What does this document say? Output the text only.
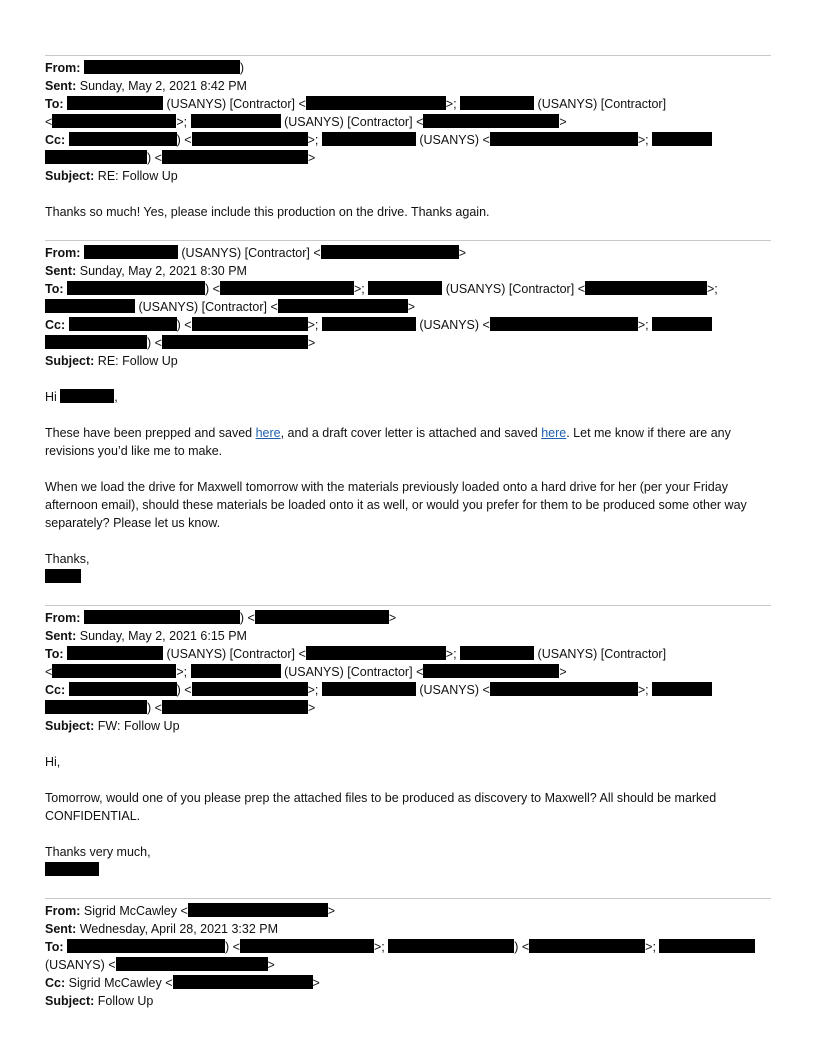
From:	)
Sent: Sunday, May 2, 2021 8:42 PM
To:	(USANYS) [Contractor] <	>;	(USANYS) [Contractor]
<	>;	(USANYS) [Contractor] <	>
Cc:	) <	>;	(USANYS) <	>;
) <	>
Subject: RE: Follow Up
Thanks so much! Yes, please include this production on the drive. Thanks again.
From:	(USANYS) [Contractor] <	>
Sent: Sunday, May 2, 2021 8:30 PM
To:	) <	>;	(USANYS) [Contractor] <	>;
(USANYS) [Contractor] <	>
Cc:	) <	>;	(USANYS) <	>;
) <	>
Subject: RE: Follow Up
Hi	,
These have been prepped and saved here, and a draft cover letter is attached and saved here. Let me know if there are any revisions you’d like me to make.
When we load the drive for Maxwell tomorrow with the materials previously loaded onto a hard drive for her (per your Friday afternoon email), should these materials be loaded onto it as well, or would you prefer for them to be produced some other way separately? Please let us know.
Thanks,
From:	) <	>
Sent: Sunday, May 2, 2021 6:15 PM
To:	(USANYS) [Contractor] <	>;	(USANYS) [Contractor]
<	>;	(USANYS) [Contractor] <	>
Cc:	) <	>;	(USANYS) <	>;
) <	>
Subject: FW: Follow Up
Hi,
Tomorrow, would one of you please prep the attached files to be produced as discovery to Maxwell? All should be marked CONFIDENTIAL.
Thanks very much,
From: Sigrid McCawley <	>
Sent: Wednesday, April 28, 2021 3:32 PM
To:	) <	>;	) <	>;
(USANYS) <	>
Cc: Sigrid McCawley <	>
Subject: Follow Up
